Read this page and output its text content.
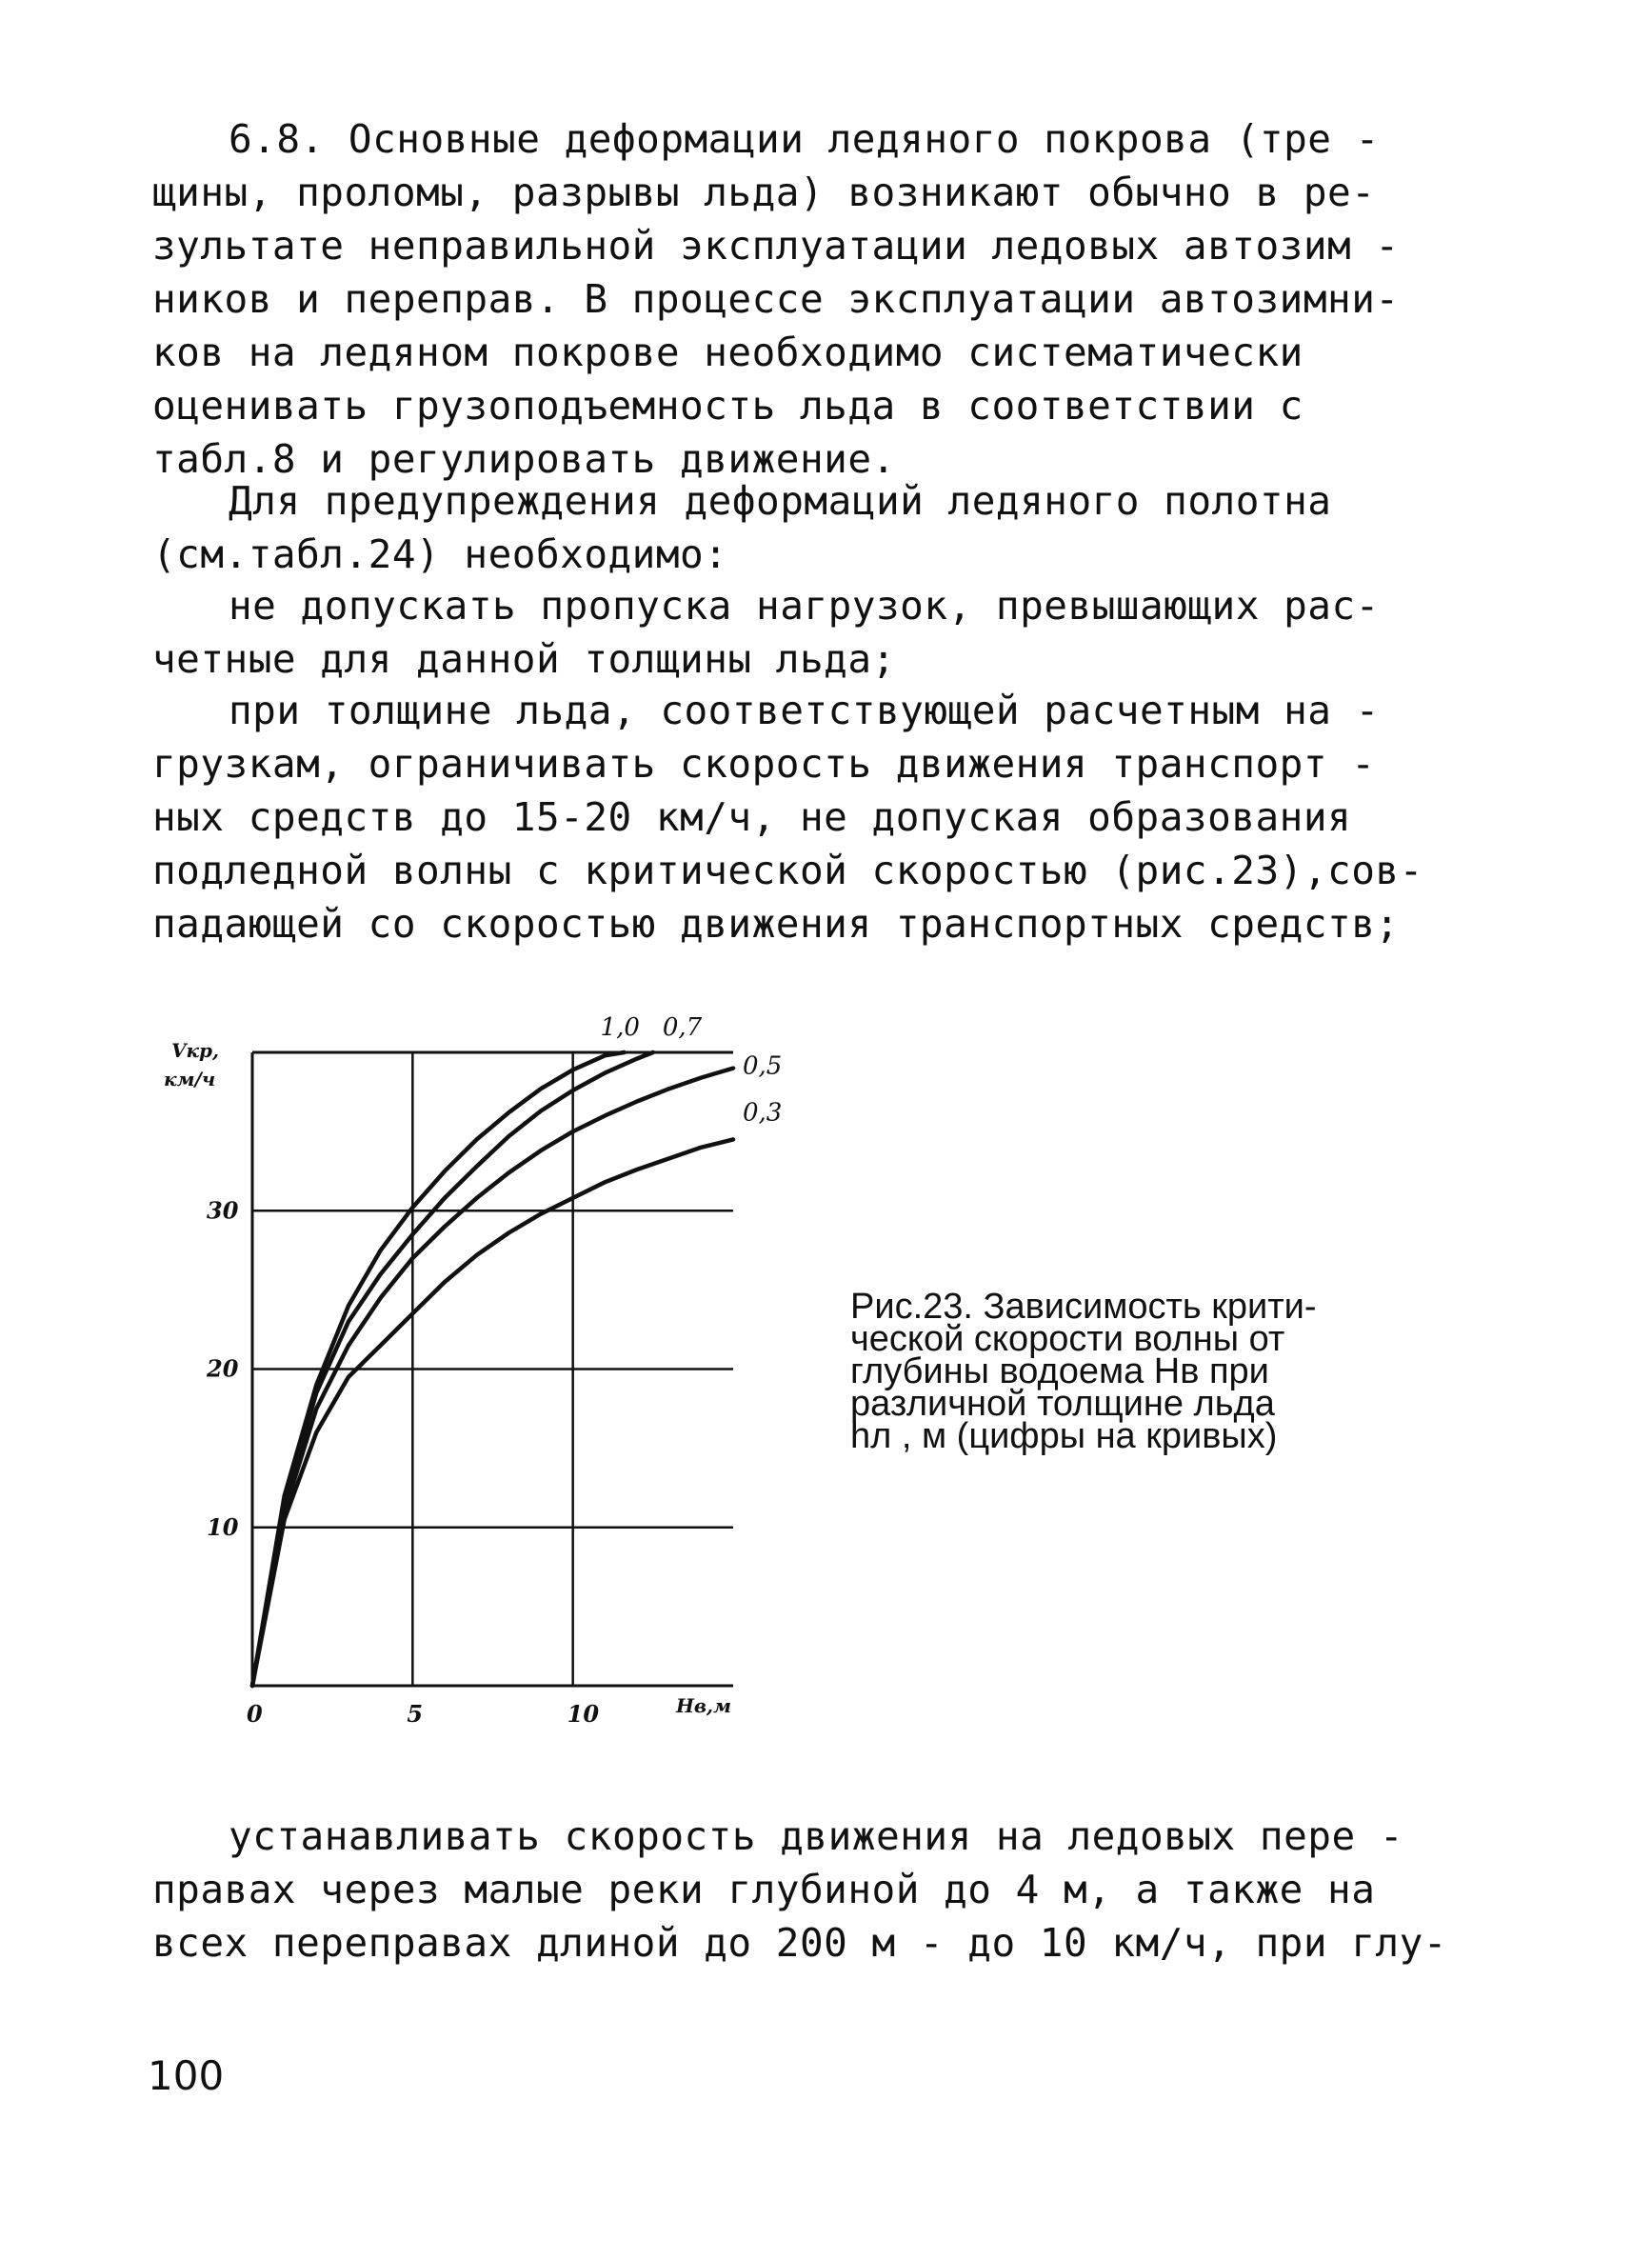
6.8. Основные деформации ледяного покрова (тре -
щины, проломы, разрывы льда) возникают обычно в ре-
зультате неправильной эксплуатации ледовых автозим -
ников и переправ. В процессе эксплуатации автозимни-
ков на ледяном покрове необходимо систематически
оценивать грузоподъемность льда в соответствии с
табл.8 и регулировать движение.
Для предупреждения деформаций ледяного полотна
(см.табл.24) необходимо:
не допускать пропуска нагрузок, превышающих рас-
четные для данной толщины льда;
при толщине льда, соответствующей расчетным на -
грузкам, ограничивать скорость движения транспорт -
ных средств до 15-20 км/ч, не допуская образования
подледной волны с критической скоростью (рис.23),сов-
падающей со скоростью движения транспортных средств;
0	5	10
10
20
30
1,0 0,7
0,5
0,3
Vкр,
км/ч
Hв,м
Рис.23. Зависимость крити-
ческой скорости волны от
глубины водоема Hв при
различной толщине льда
hл , м (цифры на кривых)
устанавливать скорость движения на ледовых пере -
правах через малые реки глубиной до 4 м, а также на
всех переправах длиной до 200 м - до 10 км/ч, при глу-
100
